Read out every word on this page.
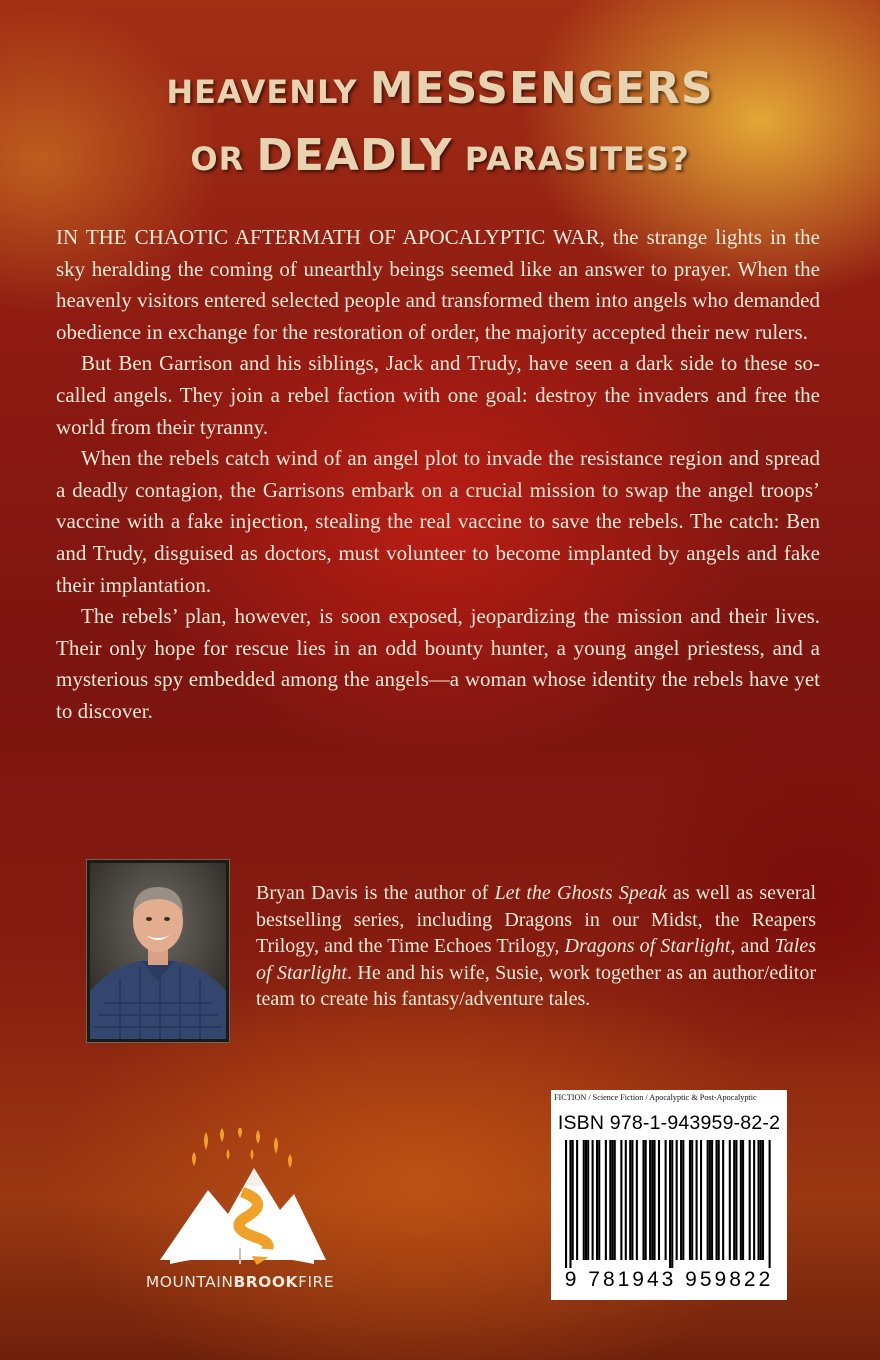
HEAVENLY MESSENGERS
OR DEADLY PARASITES?

IN THE CHAOTIC AFTERMATH OF APOCALYPTIC WAR, the strange lights in the sky heralding the coming of unearthly beings seemed like an answer to prayer. When the heavenly visitors entered selected people and transformed them into angels who demanded obedience in exchange for the restoration of order, the majority accepted their new rulers.

But Ben Garrison and his siblings, Jack and Trudy, have seen a dark side to these so-called angels. They join a rebel faction with one goal: destroy the invaders and free the world from their tyranny.

When the rebels catch wind of an angel plot to invade the resistance region and spread a deadly contagion, the Garrisons embark on a crucial mission to swap the angel troops’ vaccine with a fake injection, stealing the real vaccine to save the rebels. The catch: Ben and Trudy, disguised as doctors, must volunteer to become implanted by angels and fake their implantation.

The rebels’ plan, however, is soon exposed, jeopardizing the mission and their lives. Their only hope for rescue lies in an odd bounty hunter, a young angel priestess, and a mysterious spy embedded among the angels—a woman whose identity the rebels have yet to discover.

Bryan Davis is the author of Let the Ghosts Speak as well as several bestselling series, including Dragons in our Midst, the Reapers Trilogy, and the Time Echoes Trilogy, Dragons of Starlight, and Tales of Starlight. He and his wife, Susie, work together as an author/editor team to create his fantasy/adventure tales.
MOUNTAINBROOKFIRE
FICTION / Science Fiction / Apocalyptic & Post-Apocalyptic
ISBN 978-1-943959-82-2
9 781943 959822
